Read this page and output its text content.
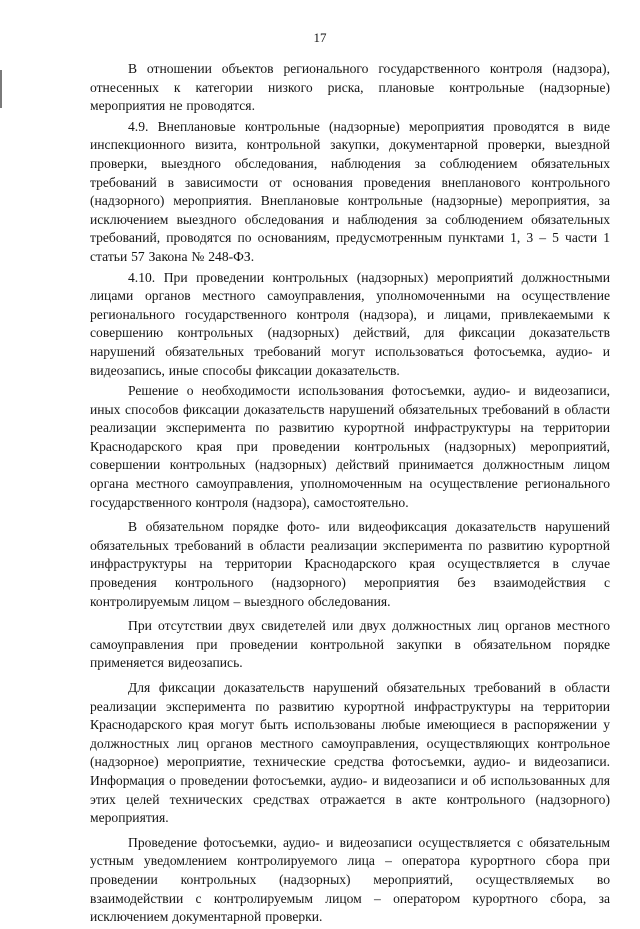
17

В отношении объектов регионального государственного контроля (надзора), отнесенных к категории низкого риска, плановые контрольные (надзорные) мероприятия не проводятся.

4.9. Внеплановые контрольные (надзорные) мероприятия проводятся в виде инспекционного визита, контрольной закупки, документарной проверки, выездной проверки, выездного обследования, наблюдения за соблюдением обязательных требований в зависимости от основания проведения внепланового контрольного (надзорного) мероприятия. Внеплановые контрольные (надзорные) мероприятия, за исключением выездного обследования и наблюдения за соблюдением обязательных требований, проводятся по основаниям, предусмотренным пунктами 1, 3 – 5 части 1 статьи 57 Закона № 248-ФЗ.

4.10. При проведении контрольных (надзорных) мероприятий должностными лицами органов местного самоуправления, уполномоченными на осуществление регионального государственного контроля (надзора), и лицами, привлекаемыми к совершению контрольных (надзорных) действий, для фиксации доказательств нарушений обязательных требований могут использоваться фотосъемка, аудио- и видеозапись, иные способы фиксации доказательств.

Решение о необходимости использования фотосъемки, аудио- и видеозаписи, иных способов фиксации доказательств нарушений обязательных требований в области реализации эксперимента по развитию курортной инфраструктуры на территории Краснодарского края при проведении контрольных (надзорных) мероприятий, совершении контрольных (надзорных) действий принимается должностным лицом органа местного самоуправления, уполномоченным на осуществление регионального государственного контроля (надзора), самостоятельно.

В обязательном порядке фото- или видеофиксация доказательств нарушений обязательных требований в области реализации эксперимента по развитию курортной инфраструктуры на территории Краснодарского края осуществляется в случае проведения контрольного (надзорного) мероприятия без взаимодействия с контролируемым лицом – выездного обследования.

При отсутствии двух свидетелей или двух должностных лиц органов местного самоуправления при проведении контрольной закупки в обязательном порядке применяется видеозапись.

Для фиксации доказательств нарушений обязательных требований в области реализации эксперимента по развитию курортной инфраструктуры на территории Краснодарского края могут быть использованы любые имеющиеся в распоряжении у должностных лиц органов местного самоуправления, осуществляющих контрольное (надзорное) мероприятие, технические средства фотосъемки, аудио- и видеозаписи. Информация о проведении фотосъемки, аудио- и видеозаписи и об использованных для этих целей технических средствах отражается в акте контрольного (надзорного) мероприятия.

Проведение фотосъемки, аудио- и видеозаписи осуществляется с обязательным устным уведомлением контролируемого лица – оператора курортного сбора при проведении контрольных (надзорных) мероприятий, осуществляемых во взаимодействии с контролируемым лицом – оператором курортного сбора, за исключением документарной проверки.
